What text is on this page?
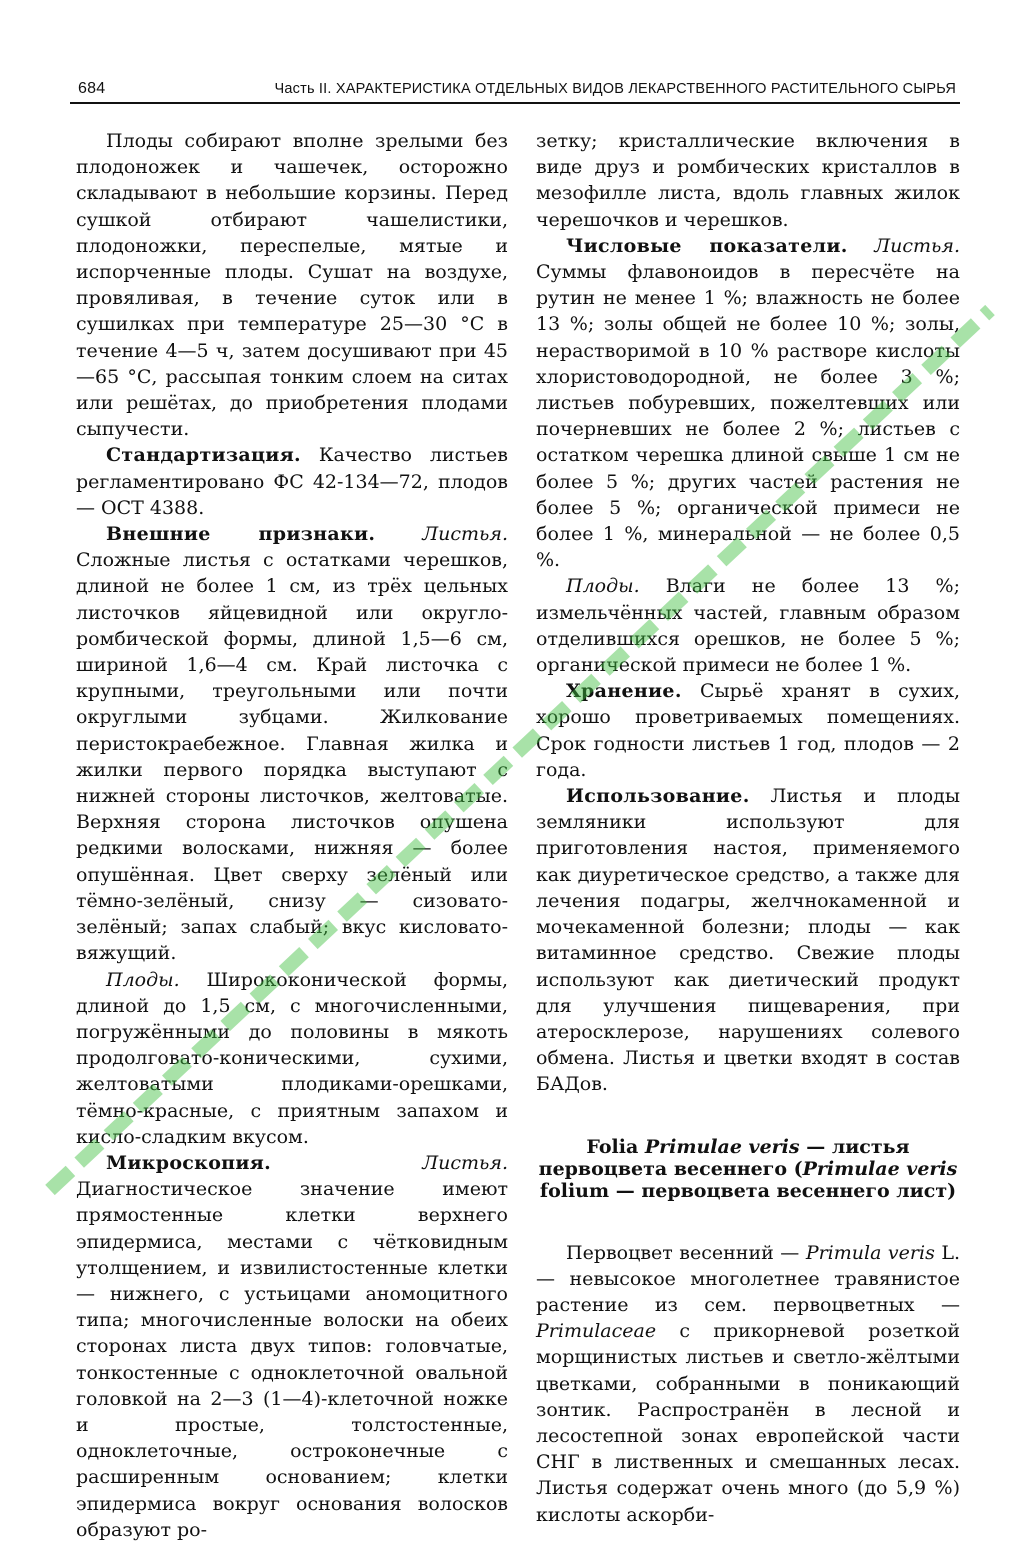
684	Часть II. ХАРАКТЕРИСТИКА ОТДЕЛЬНЫХ ВИДОВ ЛЕКАРСТВЕННОГО РАСТИТЕЛЬНОГО СЫРЬЯ

Плоды собирают вполне зрелыми без плодоножек и чашечек, осторожно складывают в небольшие корзины. Перед сушкой отбирают чашелистики, плодоножки, переспелые, мятые и испорченные плоды. Сушат на воздухе, провяливая, в течение суток или в сушилках при температуре 25—30 °С в течение 4—5 ч, затем досушивают при 45—65 °С, рассыпая тонким слоем на ситах или решётах, до приобретения плодами сыпучести.

Стандартизация. Качество листьев регламентировано ФС 42-134—72, плодов — ОСТ 4388.

Внешние признаки. Листья. Сложные листья с остатками черешков, длиной не более 1 см, из трёх цельных листочков яйцевидной или округло-ромбической формы, длиной 1,5—6 см, шириной 1,6—4 см. Край листочка с крупными, треугольными или почти округлыми зубцами. Жилкование перистокраебежное. Главная жилка и жилки первого порядка выступают с нижней стороны листочков, желтоватые. Верхняя сторона листочков опушена редкими волосками, нижняя — более опушённая. Цвет сверху зелёный или тёмно-зелёный, снизу — сизовато-зелёный; запах слабый; вкус кисловато-вяжущий.

Плоды. Ширококонической формы, длиной до 1,5 см, с многочисленными, погружёнными до половины в мякоть продолговато-коническими, сухими, желтоватыми плодиками-орешками, тёмно-красные, с приятным запахом и кисло-сладким вкусом.

Микроскопия. Листья. Диагностическое значение имеют прямостенные клетки верхнего эпидермиса, местами с чётковидным утолщением, и извилистостенные клетки — нижнего, с устьицами аномоцитного типа; многочисленные волоски на обеих сторонах листа двух типов: головчатые, тонкостенные с одноклеточной овальной головкой на 2—3 (1—4)-клеточной ножке и простые, толстостенные, одноклеточные, остроконечные с расширенным основанием; клетки эпидермиса вокруг основания волосков образуют ро-

зетку; кристаллические включения в виде друз и ромбических кристаллов в мезофилле листа, вдоль главных жилок черешочков и черешков.

Числовые показатели. Листья. Суммы флавоноидов в пересчёте на рутин не менее 1 %; влажность не более 13 %; золы общей не более 10 %; золы, нерастворимой в 10 % растворе кислоты хлористоводородной, не более 3 %; листьев побуревших, пожелтевших или почерневших не более 2 %; листьев с остатком черешка длиной свыше 1 см не более 5 %; других частей растения не более 5 %; органической примеси не более 1 %, минеральной — не более 0,5 %.

Плоды. Влаги не более 13 %; измельчённых частей, главным образом отделившихся орешков, не более 5 %; органической примеси не более 1 %.

Хранение. Сырьё хранят в сухих, хорошо проветриваемых помещениях. Срок годности листьев 1 год, плодов — 2 года.

Использование. Листья и плоды земляники используют для приготовления настоя, применяемого как диуретическое средство, а также для лечения подагры, желчнокаменной и мочекаменной болезни; плоды — как витаминное средство. Свежие плоды используют как диетический продукт для улучшения пищеварения, при атеросклерозе, нарушениях солевого обмена. Листья и цветки входят в состав БАДов.

Folia Primulae veris — листья первоцвета весеннего (Primulae veris folium — первоцвета весеннего лист)

Первоцвет весенний — Primula veris L. — невысокое многолетнее травянистое растение из сем. первоцветных — Primulaceae с прикорневой розеткой морщинистых листьев и светло-жёлтыми цветками, собранными в поникающий зонтик. Распространён в лесной и лесостепной зонах европейской части СНГ в лиственных и смешанных лесах. Листья содержат очень много (до 5,9 %) кислоты аскорби-
